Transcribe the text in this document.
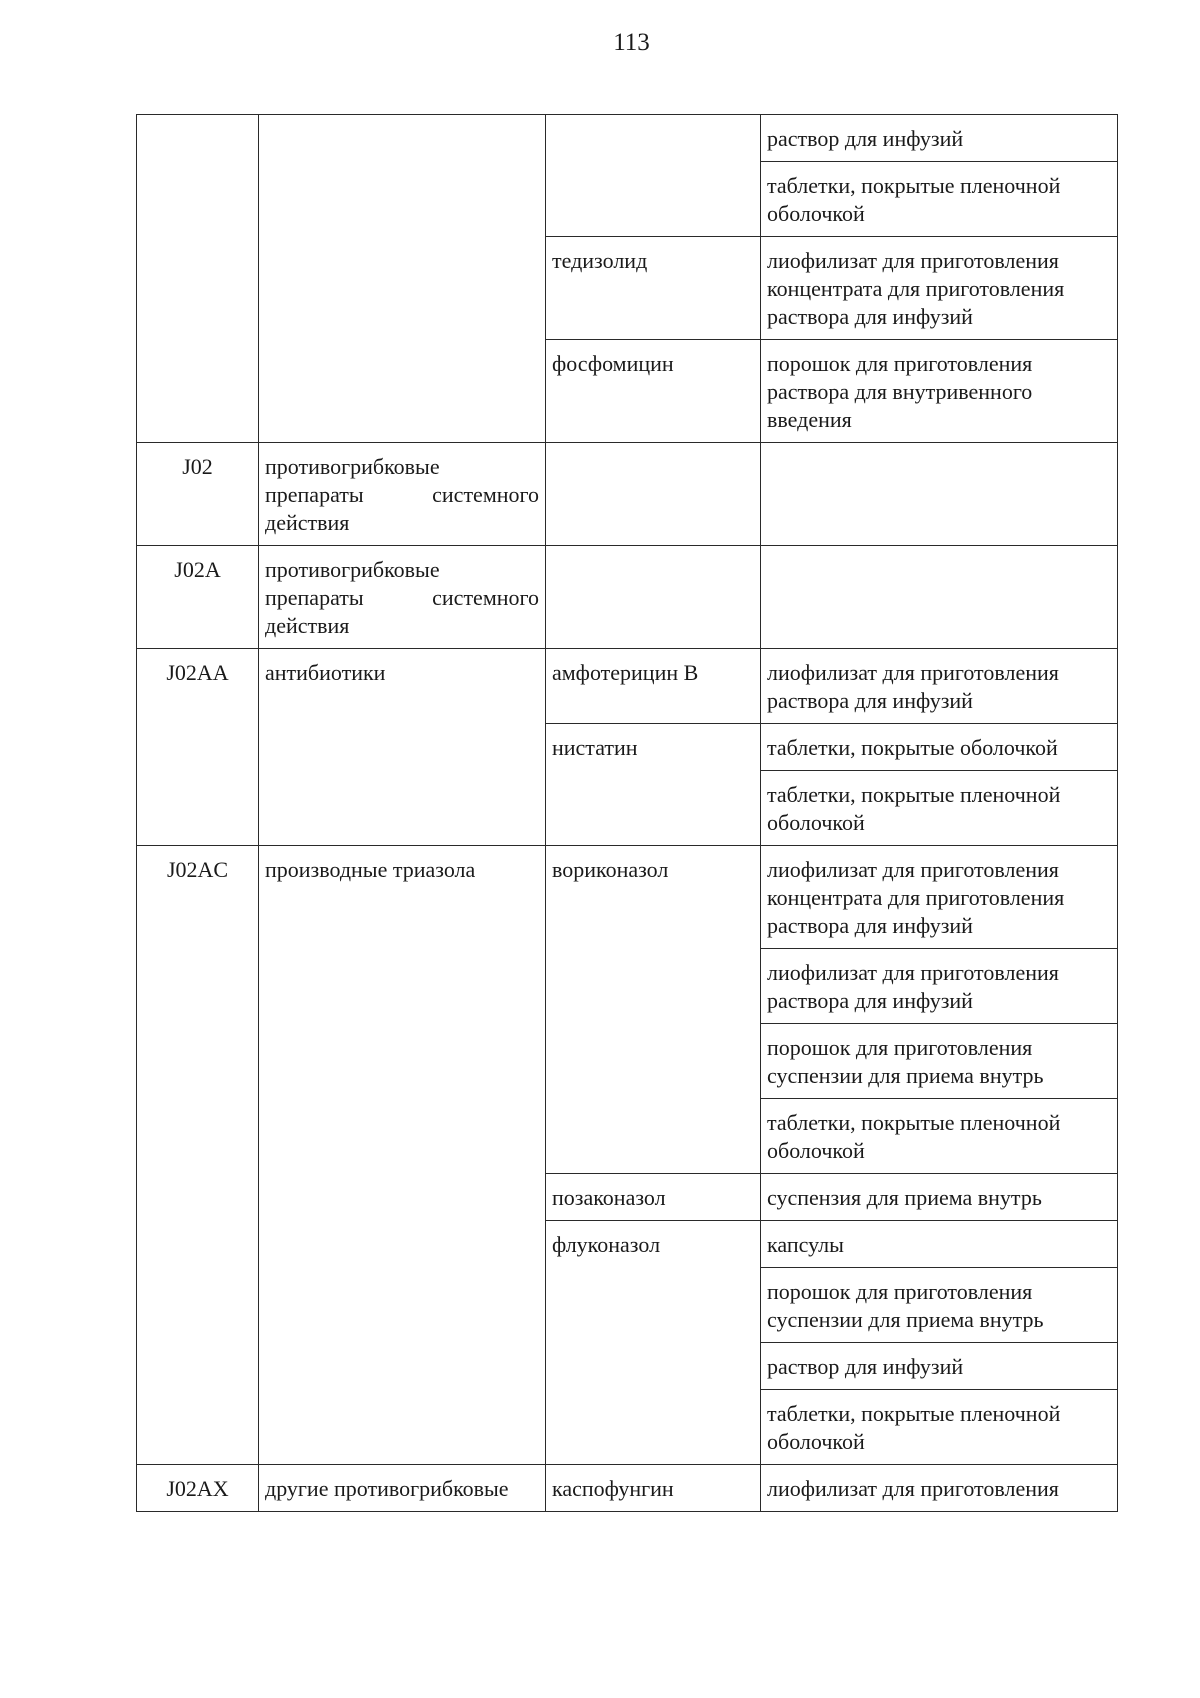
113
			раствор для инфузий
			таблетки, покрытые пленочной оболочкой
		тедизолид	лиофилизат для приготовления концентрата для приготовления раствора для инфузий
		фосфомицин	порошок для приготовления раствора для внутривенного введения
J02	противогрибковые препараты системного действия		
J02A	противогрибковые препараты системного действия		
J02AA	антибиотики	амфотерицин B	лиофилизат для приготовления раствора для инфузий
		нистатин	таблетки, покрытые оболочкой
			таблетки, покрытые пленочной оболочкой
J02AC	производные триазола	вориконазол	лиофилизат для приготовления концентрата для приготовления раствора для инфузий
			лиофилизат для приготовления раствора для инфузий
			порошок для приготовления суспензии для приема внутрь
			таблетки, покрытые пленочной оболочкой
		позаконазол	суспензия для приема внутрь
		флуконазол	капсулы
			порошок для приготовления суспензии для приема внутрь
			раствор для инфузий
			таблетки, покрытые пленочной оболочкой
J02AX	другие противогрибковые	каспофунгин	лиофилизат для приготовления
